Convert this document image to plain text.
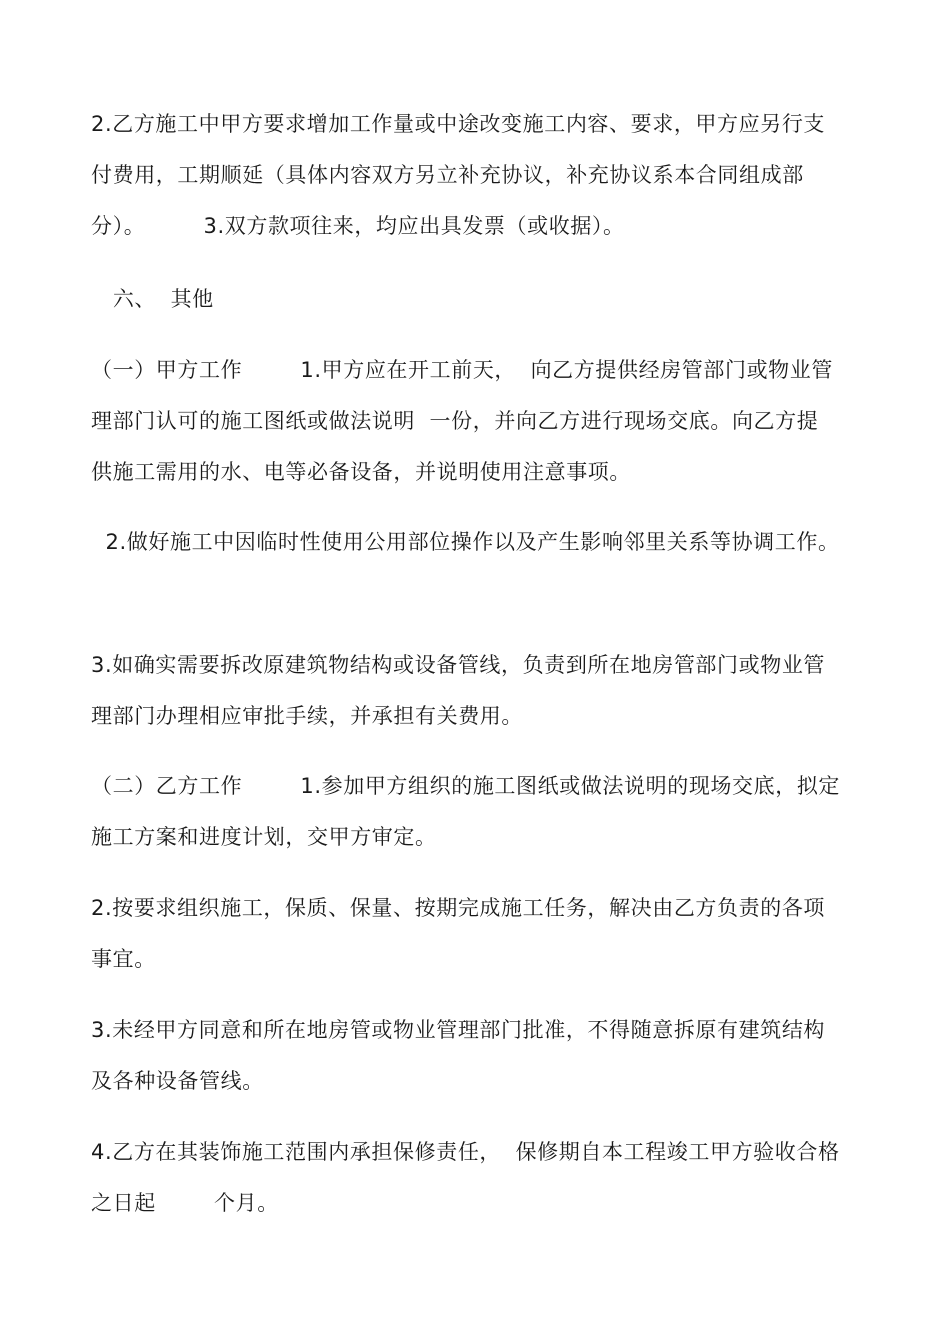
2.乙方施工中甲方要求增加工作量或中途改变施工内容、要求，甲方应另行支
付费用，工期顺延（具体内容双方另立补充协议，补充协议系本合同组成部
分）。        3.双方款项往来，均应出具发票（或收据）。
六、  其他
（一）甲方工作        1.甲方应在开工前天，  向乙方提供经房管部门或物业管
理部门认可的施工图纸或做法说明  一份，并向乙方进行现场交底。向乙方提
供施工需用的水、电等必备设备，并说明使用注意事项。
2.做好施工中因临时性使用公用部位操作以及产生影响邻里关系等协调工作。
3.如确实需要拆改原建筑物结构或设备管线，负责到所在地房管部门或物业管
理部门办理相应审批手续，并承担有关费用。
（二）乙方工作        1.参加甲方组织的施工图纸或做法说明的现场交底，拟定
施工方案和进度计划，交甲方审定。
2.按要求组织施工，保质、保量、按期完成施工任务，解决由乙方负责的各项
事宜。
3.未经甲方同意和所在地房管或物业管理部门批准，不得随意拆原有建筑结构
及各种设备管线。
4.乙方在其装饰施工范围内承担保修责任，  保修期自本工程竣工甲方验收合格
之日起        个月。
